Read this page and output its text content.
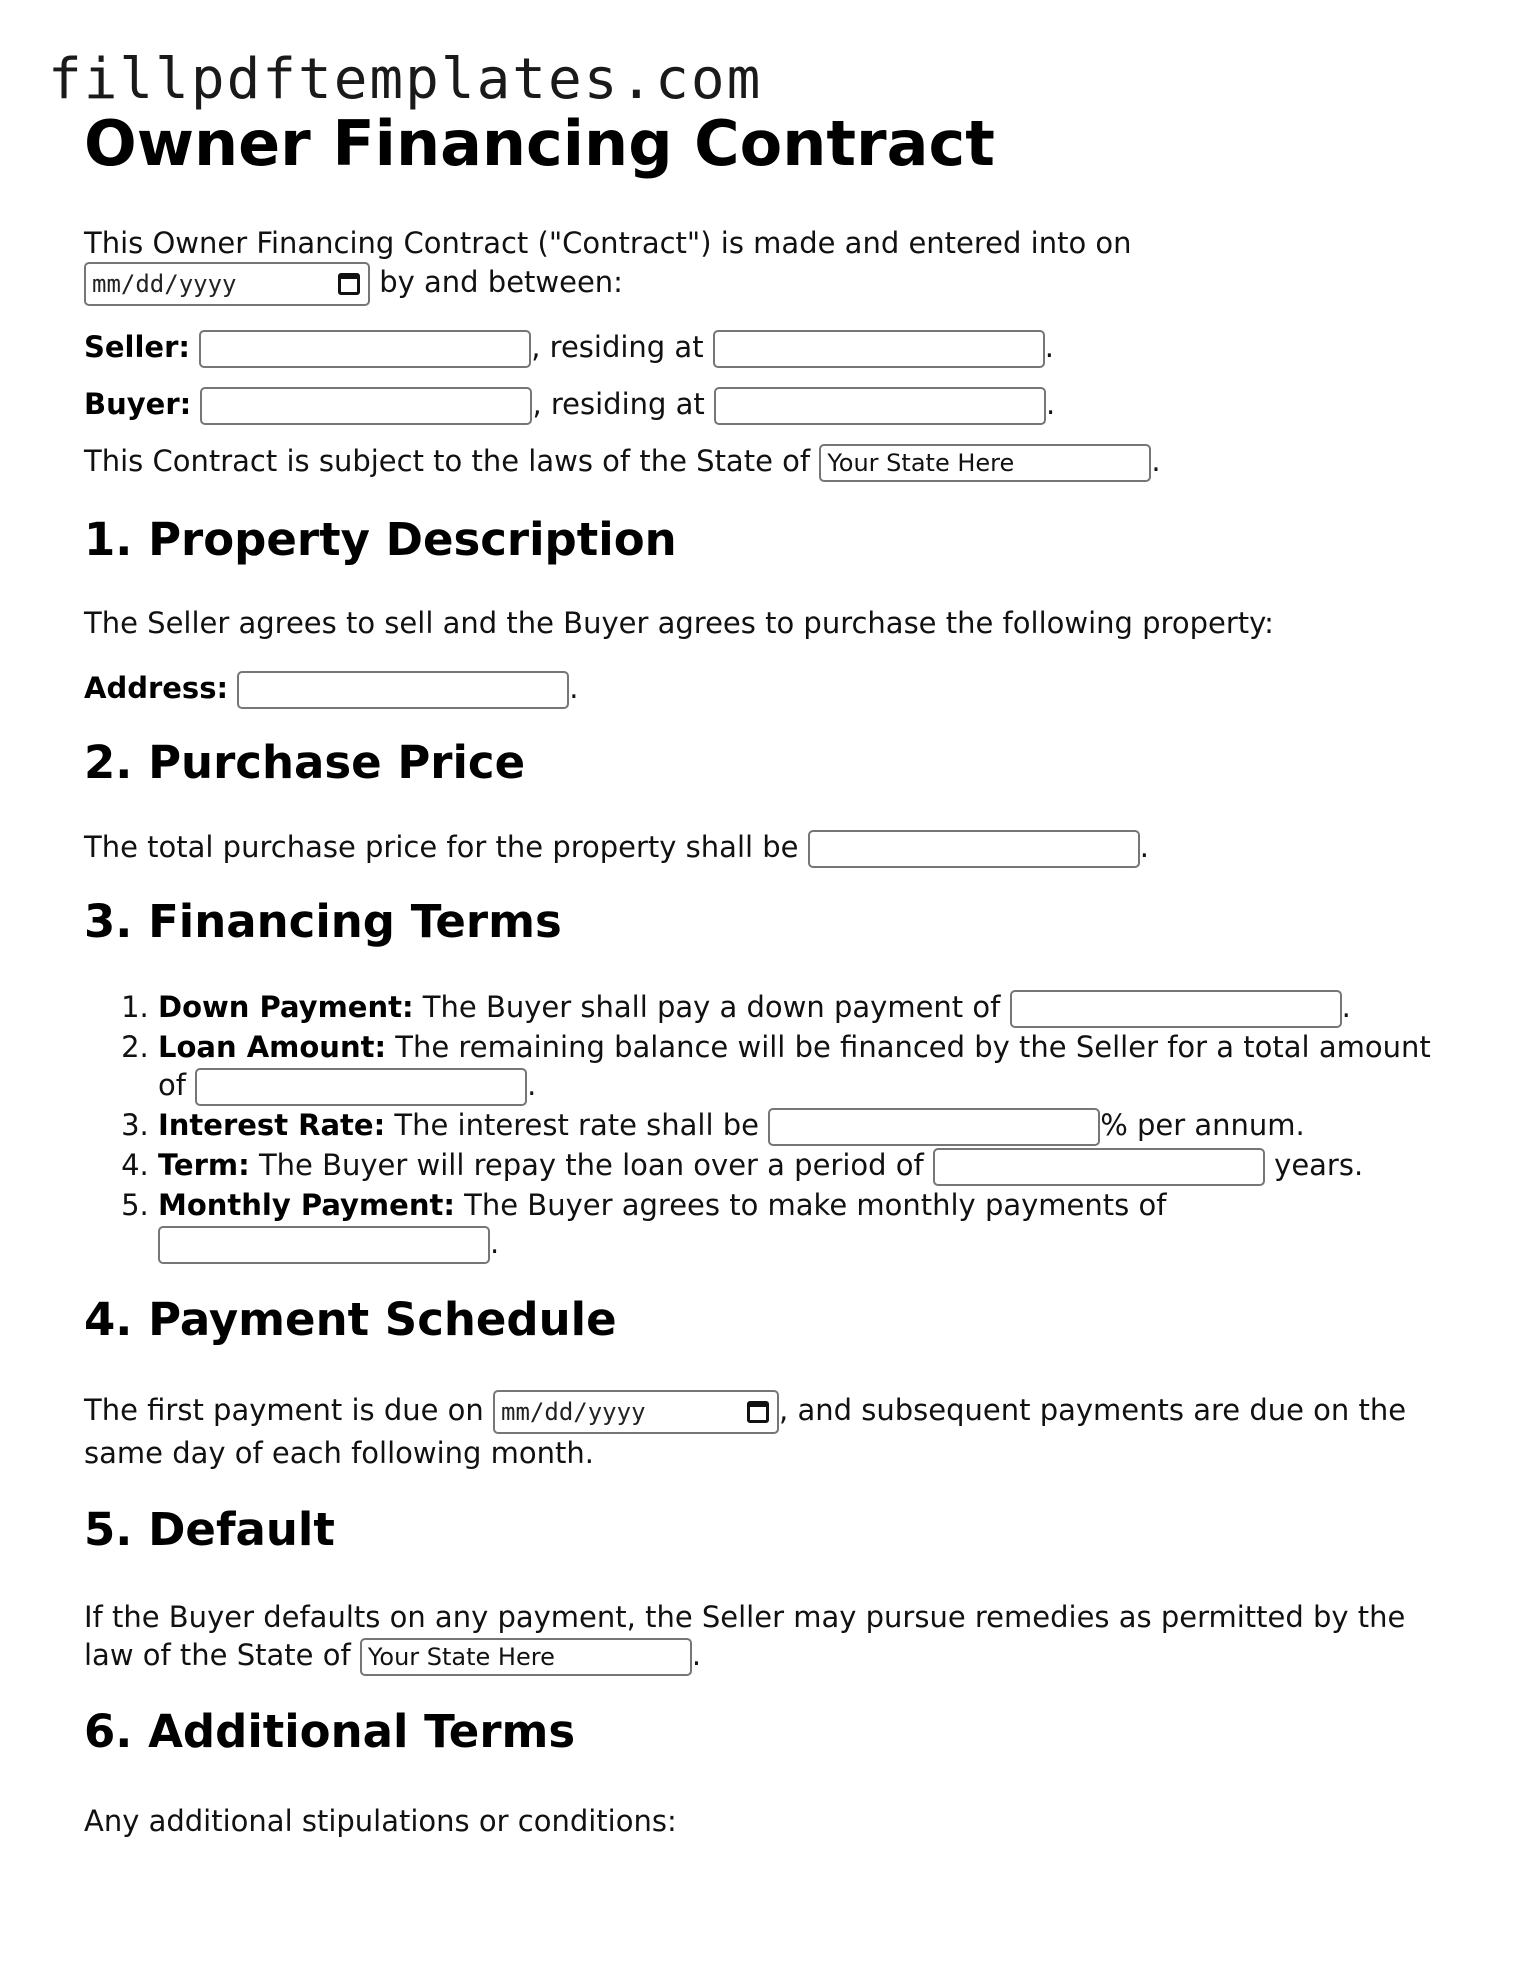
fillpdftemplates.com
Owner Financing Contract

This Owner Financing Contract ("Contract") is made and entered into on

mm/dd/yyyy	by and between:

Seller:	, residing at	.

Buyer:	, residing at	.

This Contract is subject to the laws of the State of Your State Here	.

1. Property Description

The Seller agrees to sell and the Buyer agrees to purchase the following property:

Address:	.

2. Purchase Price

The total purchase price for the property shall be	.

3. Financing Terms
1. Down Payment: The Buyer shall pay a down payment of	.
2. Loan Amount: The remaining balance will be financed by the Seller for a total amount of	.
3. Interest Rate: The interest rate shall be	% per annum.
4. Term: The Buyer will repay the loan over a period of	years.
5. Monthly Payment: The Buyer agrees to make monthly payments of .
4. Payment Schedule

The first payment is due on mm/dd/yyyy	, and subsequent payments are due on the same day of each following month.

5. Default

If the Buyer defaults on any payment, the Seller may pursue remedies as permitted by the law of the State of Your State Here	.

6. Additional Terms

Any additional stipulations or conditions:
